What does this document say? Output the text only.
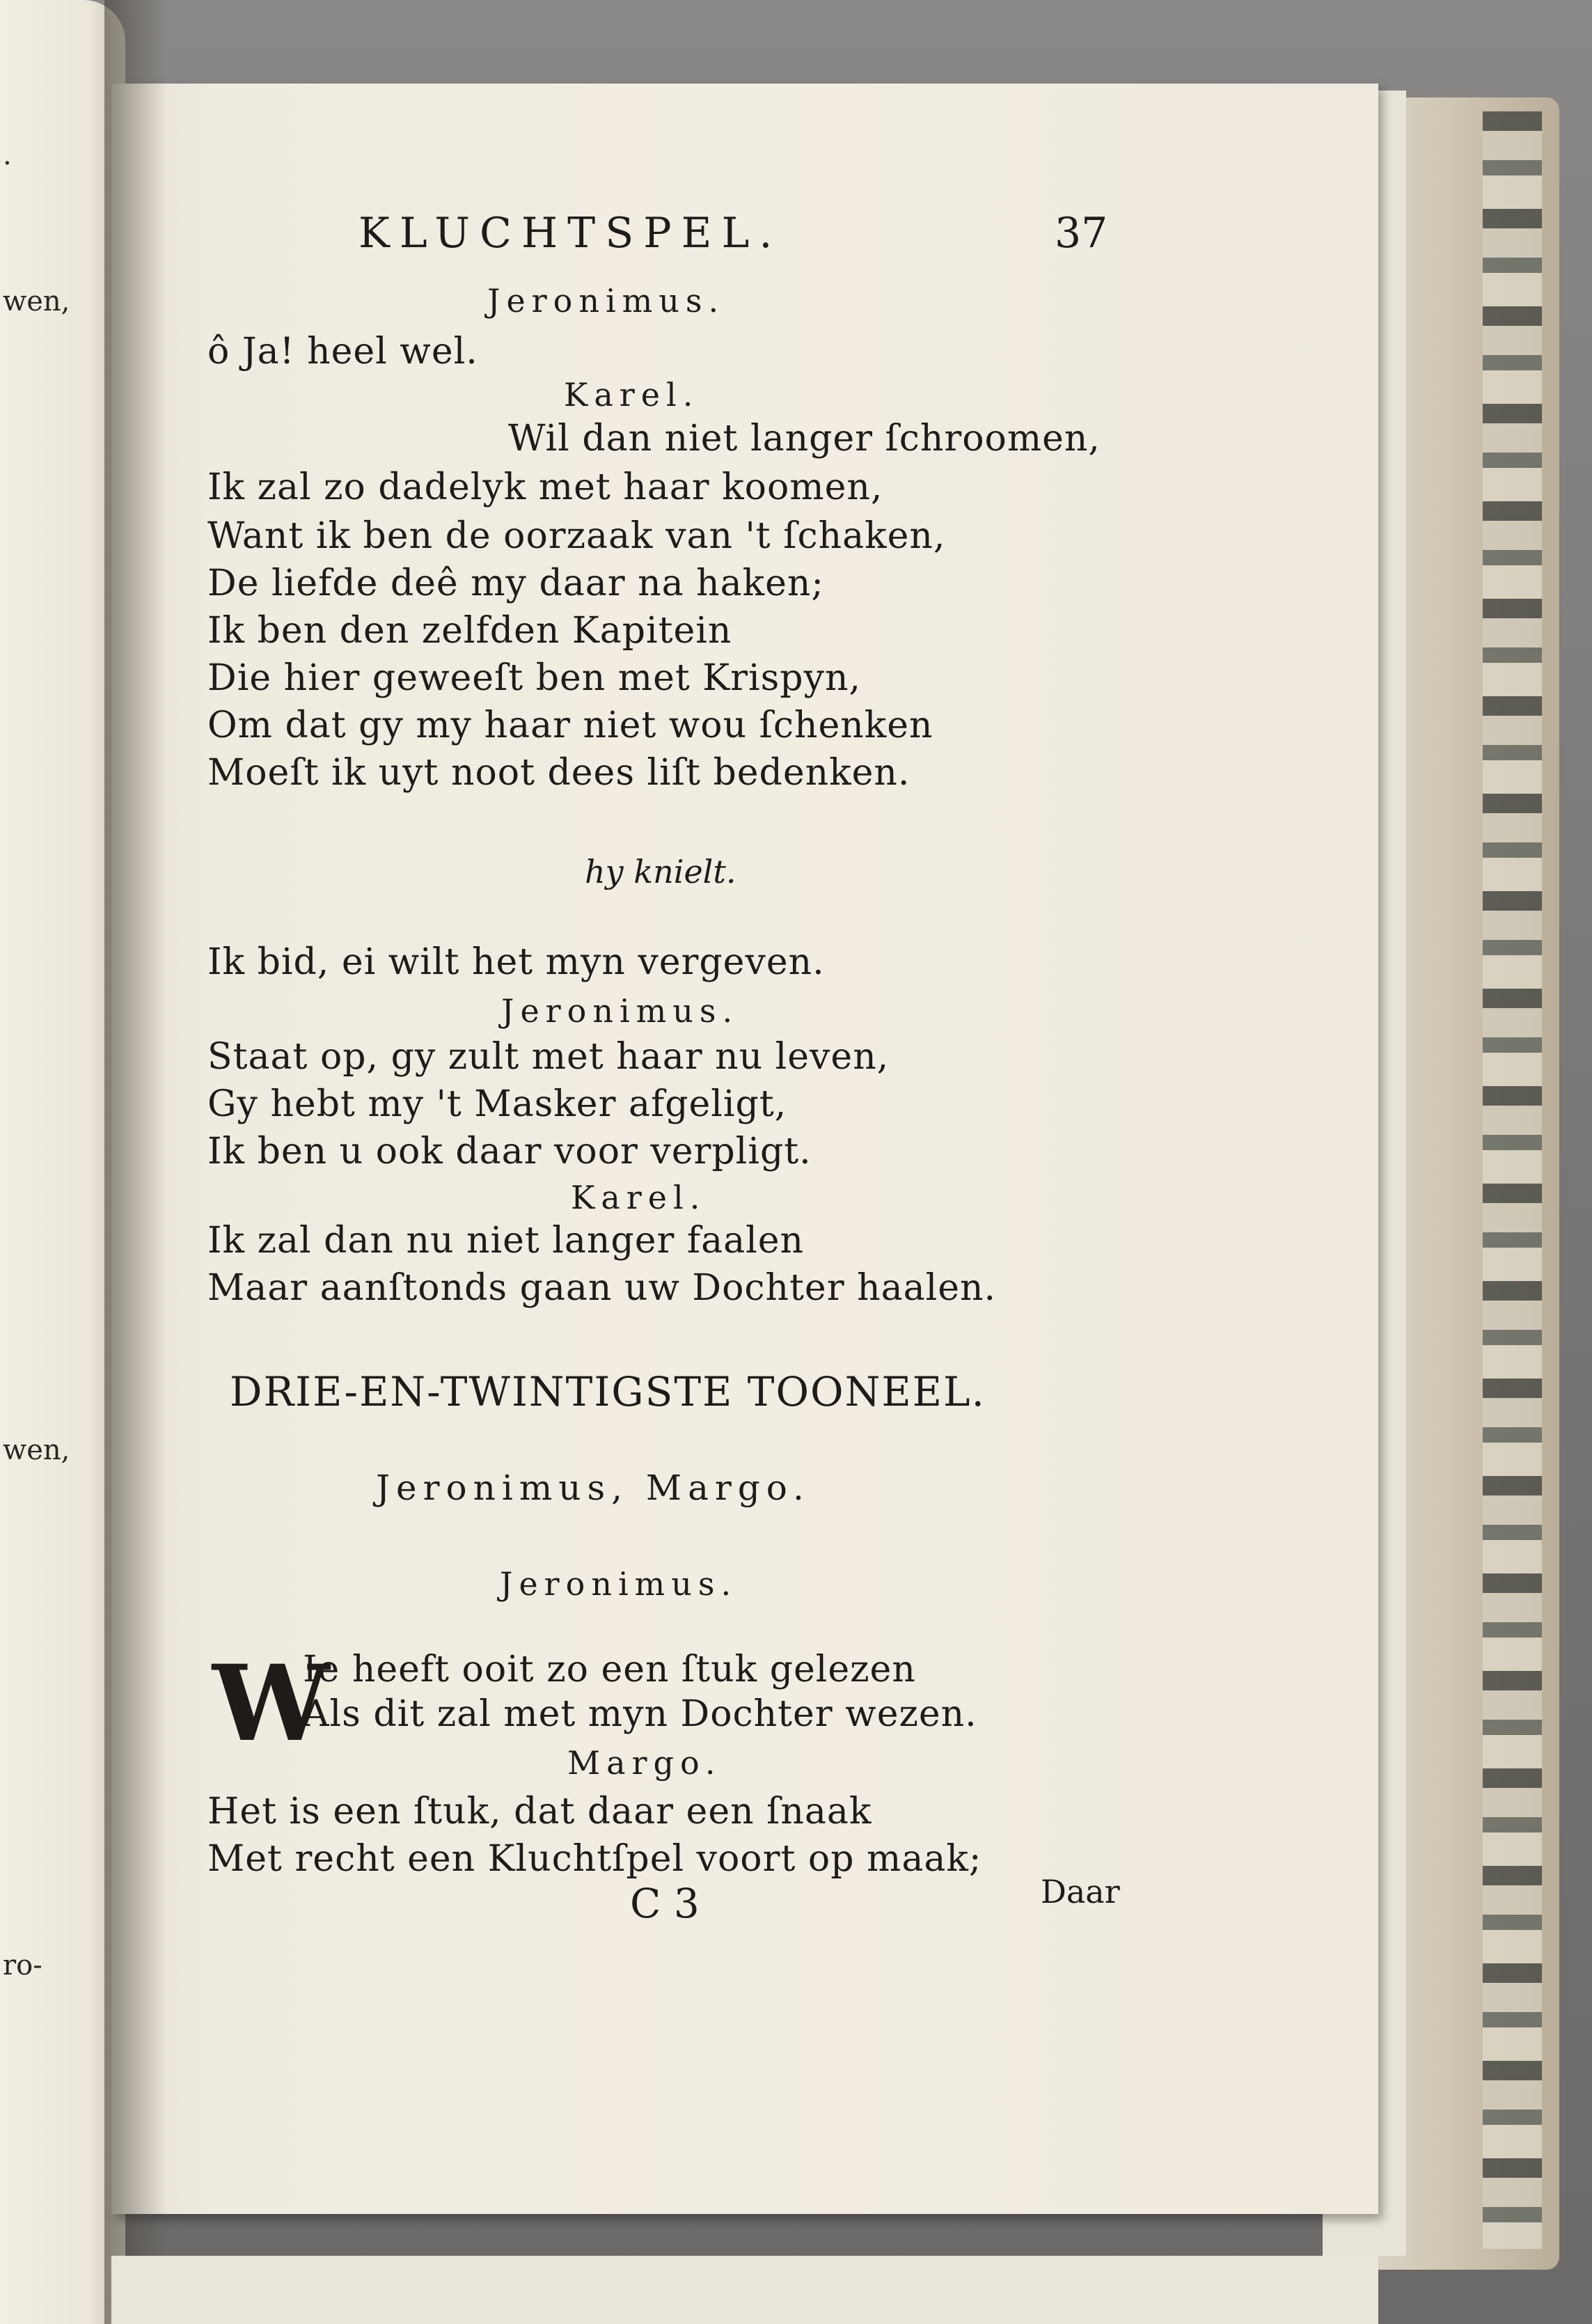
.
wen,
wen,
ro-
KLUCHTSPEL.	37
Jeronimus.
ô Ja! heel wel.
Karel.
Wil dan niet langer ſchroomen,
Ik zal zo dadelyk met haar koomen,
Want ik ben de oorzaak van 't ſchaken,
De liefde deê my daar na haken;
Ik ben den zelfden Kapitein
Die hier geweeſt ben met Krispyn,
Om dat gy my haar niet wou ſchenken
Moeſt ik uyt noot dees liſt bedenken.
hy knielt.
Ik bid, ei wilt het myn vergeven.
Jeronimus.
Staat op, gy zult met haar nu leven,
Gy hebt my 't Masker afgeligt,
Ik ben u ook daar voor verpligt.
Karel.
Ik zal dan nu niet langer faalen
Maar aanſtonds gaan uw Dochter haalen.
DRIE-EN-TWINTIGSTE TOONEEL.
Jeronimus, Margo.
Jeronimus.
W
Ie heeft ooit zo een ſtuk gelezen
Als dit zal met myn Dochter wezen.
Margo.
Het is een ſtuk, dat daar een ſnaak
Met recht een Kluchtſpel voort op maak;
C 3	Daar
